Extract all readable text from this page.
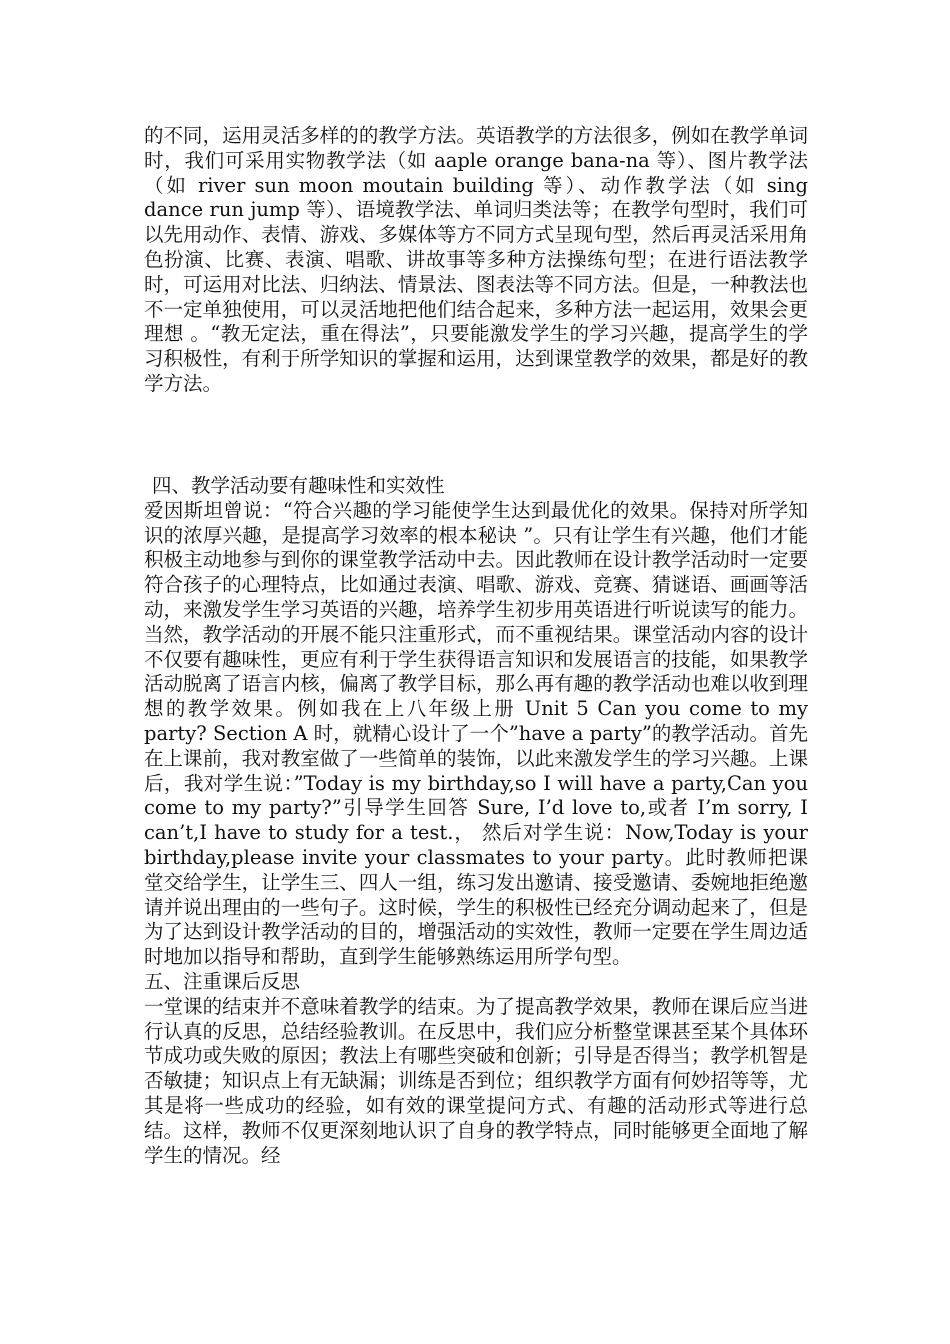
的不同，运用灵活多样的的教学方法。英语教学的方法很多，例如在教学单词时，我们可采用实物教学法（如 aaple orange bana-na 等）、图片教学法（如 river sun moon moutain building 等）、动作教学法（如 sing dance run jump 等）、语境教学法、单词归类法等；在教学句型时，我们可以先用动作、表情、游戏、多媒体等方不同方式呈现句型，然后再灵活采用角色扮演、比赛、表演、唱歌、讲故事等多种方法操练句型；在进行语法教学时，可运用对比法、归纳法、情景法、图表法等不同方法。但是，一种教法也不一定单独使用，可以灵活地把他们结合起来，多种方法一起运用，效果会更理想 。“教无定法，重在得法”，只要能激发学生的学习兴趣，提高学生的学习积极性，有利于所学知识的掌握和运用，达到课堂教学的效果，都是好的教学方法。

四、教学活动要有趣味性和实效性

爱因斯坦曾说：“符合兴趣的学习能使学生达到最优化的效果。保持对所学知识的浓厚兴趣，是提高学习效率的根本秘诀 ”。只有让学生有兴趣，他们才能积极主动地参与到你的课堂教学活动中去。因此教师在设计教学活动时一定要符合孩子的心理特点，比如通过表演、唱歌、游戏、竞赛、猜谜语、画画等活动，来激发学生学习英语的兴趣，培养学生初步用英语进行听说读写的能力。当然，教学活动的开展不能只注重形式，而不重视结果。课堂活动内容的设计不仅要有趣味性，更应有利于学生获得语言知识和发展语言的技能，如果教学活动脱离了语言内核，偏离了教学目标，那么再有趣的教学活动也难以收到理想的教学效果。例如我在上八年级上册 Unit 5 Can you come to my party? Section A 时，就精心设计了一个”have a party”的教学活动。首先在上课前，我对教室做了一些简单的装饰，以此来激发学生的学习兴趣。上课后，我对学生说：”Today is my birthday,so I will have a party,Can you come to my party?”引导学生回答 Sure, I’d love to,或者 I’m sorry, I can’t,I have to study for a test.， 然后对学生说：Now,Today is your birthday,please invite your classmates to your party。此时教师把课堂交给学生，让学生三、四人一组，练习发出邀请、接受邀请、委婉地拒绝邀请并说出理由的一些句子。这时候，学生的积极性已经充分调动起来了，但是为了达到设计教学活动的目的，增强活动的实效性，教师一定要在学生周边适时地加以指导和帮助，直到学生能够熟练运用所学句型。

五、注重课后反思

一堂课的结束并不意味着教学的结束。为了提高教学效果，教师在课后应当进行认真的反思，总结经验教训。在反思中，我们应分析整堂课甚至某个具体环节成功或失败的原因；教法上有哪些突破和创新；引导是否得当；教学机智是否敏捷；知识点上有无缺漏；训练是否到位；组织教学方面有何妙招等等，尤其是将一些成功的经验，如有效的课堂提问方式、有趣的活动形式等进行总结。这样，教师不仅更深刻地认识了自身的教学特点，同时能够更全面地了解学生的情况。经
